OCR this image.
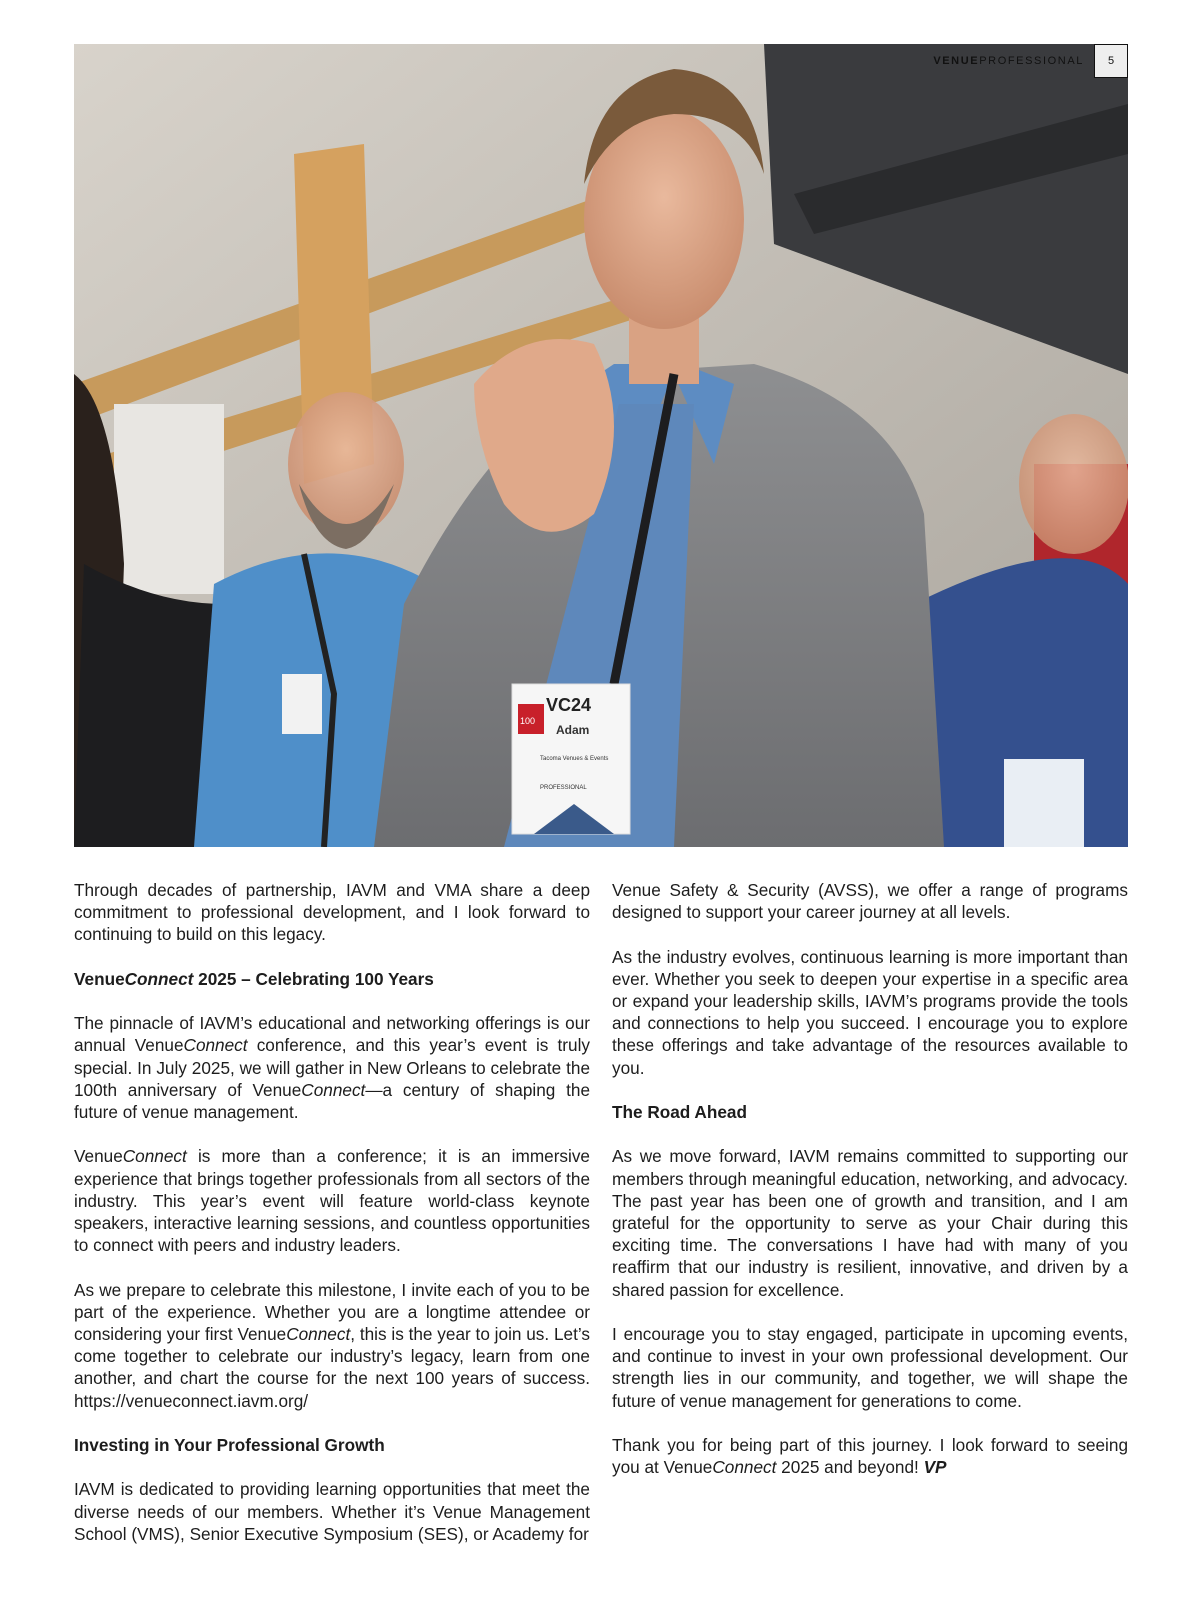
100
VC24
Adam
Tacoma Venues & Events
PROFESSIONAL
VENUEPROFESSIONAL	5

Through decades of partnership, IAVM and VMA share a deep commitment to professional development, and I look forward to continuing to build on this legacy.

VenueConnect 2025 – Celebrating 100 Years

The pinnacle of IAVM’s educational and networking offerings is our annual VenueConnect conference, and this year’s event is truly special. In July 2025, we will gather in New Orleans to celebrate the 100th anniversary of VenueConnect—a century of shaping the future of venue management.

VenueConnect is more than a conference; it is an immersive experience that brings together professionals from all sectors of the industry. This year’s event will feature world-class keynote speakers, interactive learning sessions, and countless opportunities to connect with peers and industry leaders.

As we prepare to celebrate this milestone, I invite each of you to be part of the experience. Whether you are a longtime attendee or considering your first VenueConnect, this is the year to join us. Let’s come together to celebrate our industry’s legacy, learn from one another, and chart the course for the next 100 years of success. https://venueconnect.iavm.org/

Investing in Your Professional Growth

IAVM is dedicated to providing learning opportunities that meet the diverse needs of our members. Whether it’s Venue Management School (VMS), Senior Executive Symposium (SES), or Academy for

Venue Safety & Security (AVSS), we offer a range of programs designed to support your career journey at all levels.

As the industry evolves, continuous learning is more important than ever. Whether you seek to deepen your expertise in a specific area or expand your leadership skills, IAVM’s programs provide the tools and connections to help you succeed. I encourage you to explore these offerings and take advantage of the resources available to you.

The Road Ahead

As we move forward, IAVM remains committed to supporting our members through meaningful education, networking, and advocacy. The past year has been one of growth and transition, and I am grateful for the opportunity to serve as your Chair during this exciting time. The conversations I have had with many of you reaffirm that our industry is resilient, innovative, and driven by a shared passion for excellence.

I encourage you to stay engaged, participate in upcoming events, and continue to invest in your own professional development. Our strength lies in our community, and together, we will shape the future of venue management for generations to come.

Thank you for being part of this journey. I look forward to seeing you at VenueConnect 2025 and beyond! VP
